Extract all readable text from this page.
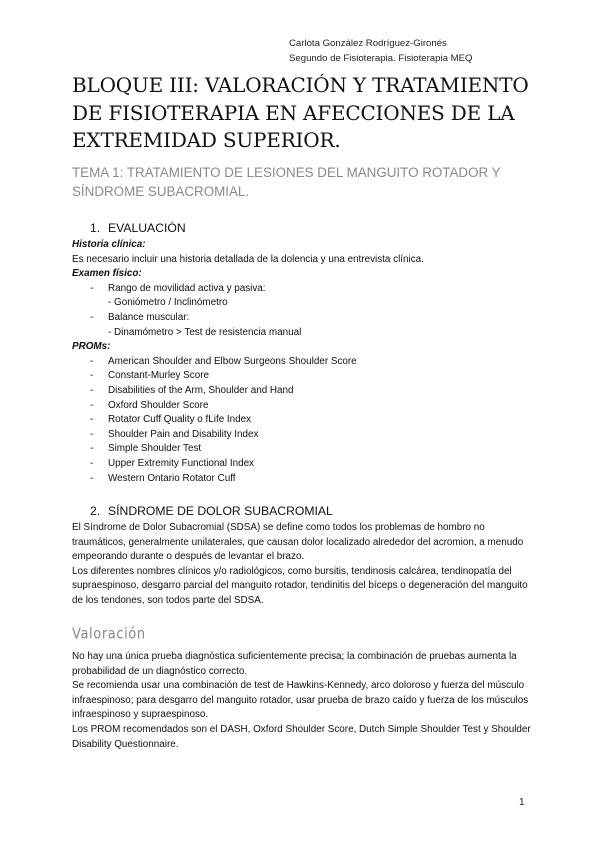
Carlota González Rodríguez-Gironés
Segundo de Fisioterapia. Fisioterapia MEQ
BLOQUE III: VALORACIÓN Y TRATAMIENTO DE FISIOTERAPIA EN AFECCIONES DE LA EXTREMIDAD SUPERIOR.
TEMA 1: TRATAMIENTO DE LESIONES DEL MANGUITO ROTADOR Y SÍNDROME SUBACROMIAL.
1. EVALUACIÓN

Historia clínica:

Es necesario incluir una historia detallada de la dolencia y una entrevista clínica.

Examen físico:

- Rango de movilidad activa y pasiva:
- Goniómetro / Inclinómetro
- Balance muscular:
- Dinamómetro > Test de resistencia manual

PROMs:

- American Shoulder and Elbow Surgeons Shoulder Score
- Constant-Murley Score
- Disabilities of the Arm, Shoulder and Hand
- Oxford Shoulder Score
- Rotator Cuff Quality o fLife Index
- Shoulder Pain and Disability Index
- Simple Shoulder Test
- Upper Extremity Functional Index
- Western Ontario Rotator Cuff
2. SÍNDROME DE DOLOR SUBACROMIAL

El Síndrome de Dolor Subacromial (SDSA) se define como todos los problemas de hombro no traumáticos, generalmente unilaterales, que causan dolor localizado alrededor del acromion, a menudo empeorando durante o después de levantar el brazo.

Los diferentes nombres clínicos y/o radiológicos, como bursitis, tendinosis calcárea, tendinopatía del supraespinoso, desgarro parcial del manguito rotador, tendinitis del bíceps o degeneración del manguito de los tendones, son todos parte del SDSA.

Valoración

No hay una única prueba diagnóstica suficientemente precisa; la combinación de pruebas aumenta la probabilidad de un diagnóstico correcto.

Se recomienda usar una combinación de test de Hawkins-Kennedy, arco doloroso y fuerza del músculo infraespinoso; para desgarro del manguito rotador, usar prueba de brazo caído y fuerza de los músculos infraespinoso y supraespinoso.

Los PROM recomendados son el DASH, Oxford Shoulder Score, Dutch Simple Shoulder Test y Shoulder Disability Questionnaire.

1
